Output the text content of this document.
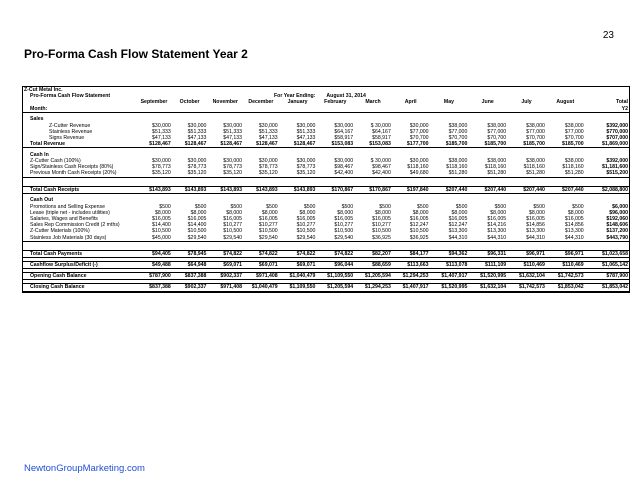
23
Pro-Forma Cash Flow Statement Year 2
Z-Cut Metal Inc.													
Pro-Forma Cash Flow Statement				For Year Ending:		August 31, 2014							
	September	October	November	December	January	February	March	April	May	June	July	August	Total
Month:													Y2

Sales													
Z-Cutter Revenue	$30,000	$30,000	$30,000	$30,000	$30,000	$30,000	$ 30,000	$30,000	$38,000	$38,000	$38,000	$38,000	$392,000
Stainless Revenue	$51,333	$51,333	$51,333	$51,333	$51,333	$64,167	$64,167	$77,000	$77,000	$77,000	$77,000	$77,000	$770,000
Signs Revenue	$47,133	$47,133	$47,133	$47,133	$47,133	$58,917	$58,917	$70,700	$70,700	$70,700	$70,700	$70,700	$707,000
Total Revenue	$128,467	$128,467	$128,467	$128,467	$128,467	$153,083	$153,083	$177,700	$185,700	$185,700	$185,700	$185,700	$1,869,000

Cash In													
Z-Cutter Cash (100%)	$30,000	$30,000	$30,000	$30,000	$30,000	$30,000	$ 30,000	$30,000	$38,000	$38,000	$38,000	$38,000	$392,000
Sign/Stainless Cash Receipts (80%)	$78,773	$78,773	$78,773	$78,773	$78,773	$98,467	$98,467	$118,160	$118,160	$118,160	$118,160	$118,160	$1,181,600
Previous Month Cash Receipts (20%)	$35,120	$35,120	$35,120	$35,120	$35,120	$42,400	$42,400	$49,680	$51,280	$51,280	$51,280	$51,280	$515,200

Total Cash Receipts	$143,893	$143,893	$143,893	$143,893	$143,893	$170,867	$170,867	$197,840	$207,440	$207,440	$207,440	$207,440	$2,088,800

Cash Out													
Promotions and Selling Expense	$500	$500	$500	$500	$500	$500	$500	$500	$500	$500	$500	$500	$6,000
Lease (triple net - includes utilities)	$8,000	$8,000	$8,000	$8,000	$8,000	$8,000	$8,000	$8,000	$8,000	$8,000	$8,000	$8,000	$96,000
Salaries, Wages and Benefits	$16,005	$16,005	$16,005	$16,005	$16,005	$16,005	$16,005	$16,005	$16,005	$16,005	$16,005	$16,005	$192,060
Sales Rep Commission Credit (2 mths)	$14,400	$14,400	$10,277	$10,277	$10,277	$10,277	$10,277	$12,247	$12,247	$14,216	$14,856	$14,856	$148,606
Z-Cutter Materials (100%)	$10,500	$10,500	$10,500	$10,500	$10,500	$10,500	$10,500	$10,500	$13,300	$13,300	$13,300	$13,300	$137,200
Stainless Job Materials (30 days)	$45,000	$29,540	$29,540	$29,540	$29,540	$29,540	$36,925	$36,925	$44,310	$44,310	$44,310	$44,310	$443,790

Total Cash Payments	$94,405	$78,945	$74,822	$74,822	$74,822	$74,822	$82,207	$84,177	$94,362	$96,331	$96,971	$96,971	$1,023,658

Cashflow Surplus/Deficit (-)	$49,488	$64,948	$69,071	$69,071	$69,071	$96,044	$88,659	$113,663	$113,078	$111,109	$110,469	$110,469	$1,065,142

Opening Cash Balance	$787,900	$837,388	$902,337	$971,408	$1,040,479	$1,109,550	$1,205,594	$1,294,253	$1,407,917	$1,520,995	$1,632,104	$1,742,573	$787,900

Closing Cash Balance	$837,388	$902,337	$971,408	$1,040,479	$1,109,550	$1,205,594	$1,294,253	$1,407,917	$1,520,995	$1,632,104	$1,742,573	$1,853,042	$1,853,042
NewtonGroupMarketing.com
